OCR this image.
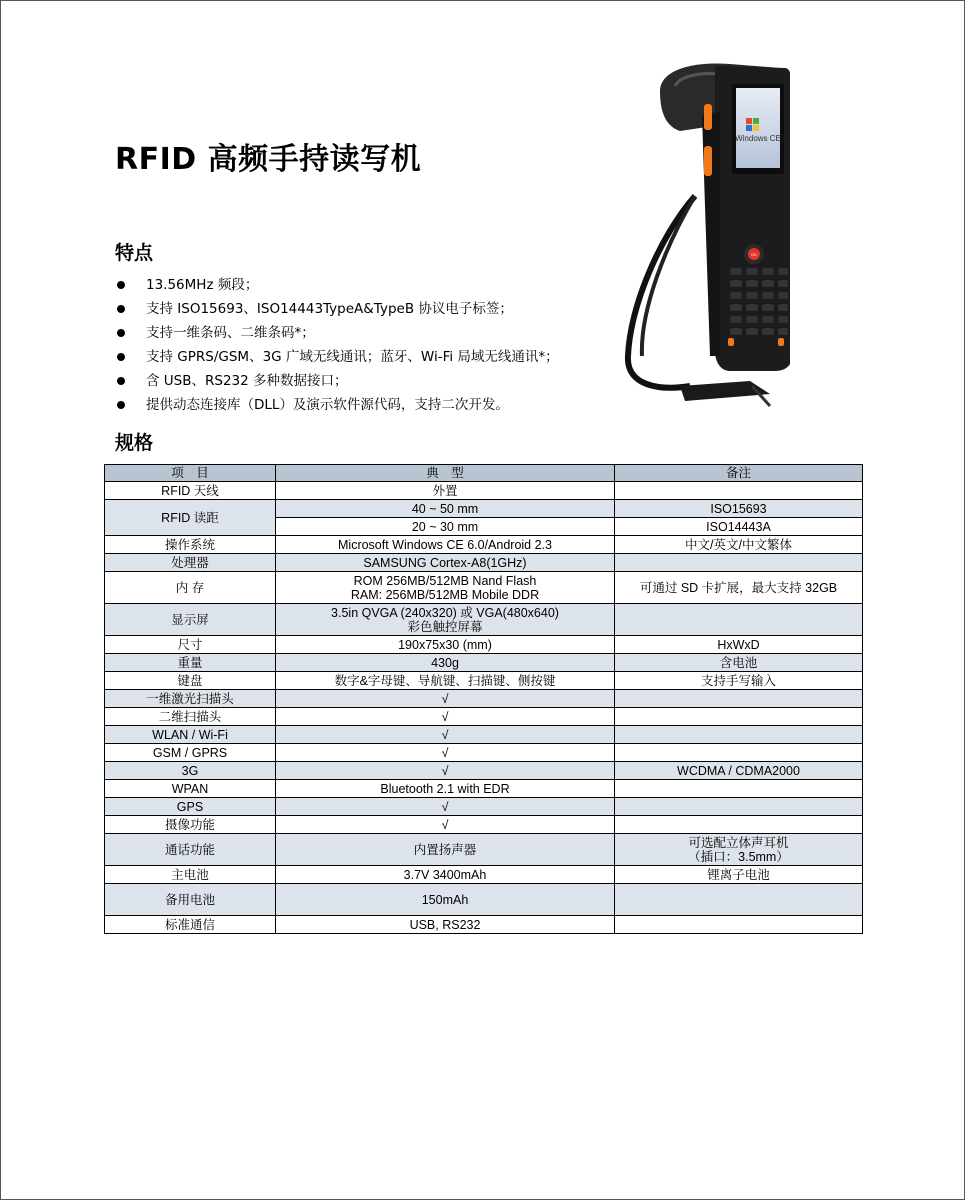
RFID 高频手持读写机
特点
13.56MHz 频段；
支持 ISO15693、ISO14443TypeA&TypeB 协议电子标签；
支持一维条码、二维条码*；
支持 GPRS/GSM、3G 广域无线通讯；蓝牙、Wi-Fi 局域无线通讯*；
含 USB、RS232 多种数据接口；
提供动态连接库（DLL）及演示软件源代码，支持二次开发。
Windows CE
OK
规格
项　目	典　型	备注
RFID 天线	外置	
RFID 读距	40 ~ 50 mm	ISO15693
	20 ~ 30 mm	ISO14443A
操作系统	Microsoft Windows CE 6.0/Android 2.3	中文/英文/中文繁体
处理器	SAMSUNG Cortex-A8(1GHz)	
内 存	ROM 256MB/512MB Nand Flash
RAM: 256MB/512MB Mobile DDR	可通过 SD 卡扩展，最大支持 32GB
显示屏	3.5in QVGA (240x320) 或 VGA(480x640)
彩色触控屏幕	

尺寸	190x75x30 (mm)	HxWxD
重量	430g	含电池
键盘	数字&字母键、导航键、扫描键、侧按键	支持手写输入
一维激光扫描头	√	
二维扫描头	√	
WLAN / Wi-Fi	√	
GSM / GPRS	√	
3G	√	WCDMA / CDMA2000
WPAN	Bluetooth 2.1 with EDR	
GPS	√	
摄像功能	√	
通话功能	内置扬声器	可选配立体声耳机
（插口：3.5mm）

主电池	3.7V 3400mAh	锂离子电池
备用电池	150mAh	
标准通信	USB, RS232	
